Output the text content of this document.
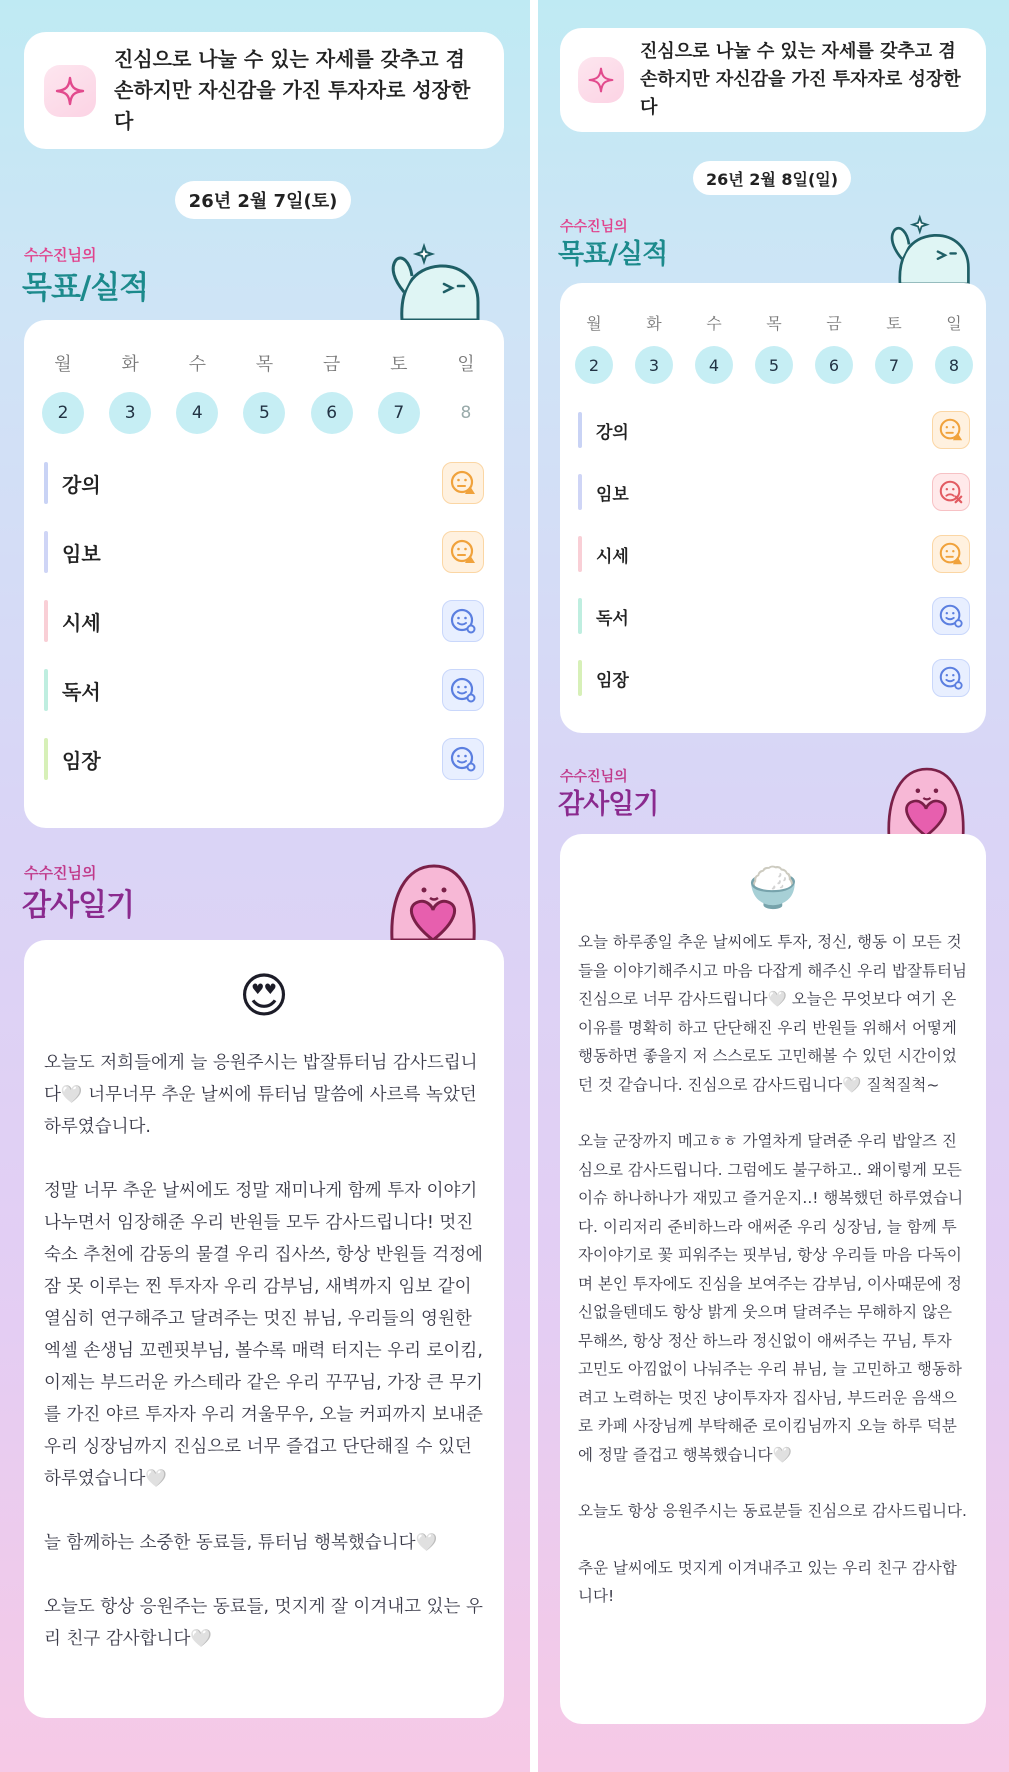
진심으로 나눌 수 있는 자세를 갖추고 겸손하지만 자신감을 가진 투자자로 성장한다
26년 2월 7일(토)
수수진님의
목표/실적
월
2
화
3
수
4
목
5
금
6
토
7
일
8
강의
임보
시세
독서
임장
수수진님의
감사일기
😍

오늘도 저희들에게 늘 응원주시는 밥잘튜터님 감사드립니다🤍 너무너무 추운 날씨에 튜터님 말씀에 사르륵 녹았던 하루였습니다.

정말 너무 추운 날씨에도 정말 재미나게 함께 투자 이야기 나누면서 임장해준 우리 반원들 모두 감사드립니다! 멋진 숙소 추천에 감동의 물결 우리 집사쓰, 항상 반원들 걱정에 잠 못 이루는 찐 투자자 우리 감부님, 새벽까지 임보 같이 열심히 연구해주고 달려주는 멋진 뷰님, 우리들의 영원한 엑셀 손생님 꼬렌핏부님, 볼수록 매력 터지는 우리 로이킴, 이제는 부드러운 카스테라 같은 우리 꾸꾸님, 가장 큰 무기를 가진 야르 투자자 우리 겨울무우, 오늘 커피까지 보내준 우리 싱장님까지 진심으로 너무 즐겁고 단단해질 수 있던 하루였습니다🤍

늘 함께하는 소중한 동료들, 튜터님 행복했습니다🤍

오늘도 항상 응원주는 동료들, 멋지게 잘 이겨내고 있는 우리 친구 감사합니다🤍

진심으로 나눌 수 있는 자세를 갖추고 겸손하지만 자신감을 가진 투자자로 성장한다
26년 2월 8일(일)
수수진님의
목표/실적
월
2
화
3
수
4
목
5
금
6
토
7
일
8
강의
임보
시세
독서
임장
수수진님의
감사일기
🍚

오늘 하루종일 추운 날씨에도 투자, 정신, 행동 이 모든 것들을 이야기해주시고 마음 다잡게 해주신 우리 밥잘튜터님 진심으로 너무 감사드립니다🤍 오늘은 무엇보다 여기 온 이유를 명확히 하고 단단해진 우리 반원들 위해서 어떻게 행동하면 좋을지 저 스스로도 고민해볼 수 있던 시간이었던 것 같습니다. 진심으로 감사드립니다🤍 질척질척~

오늘 군장까지 메고ㅎㅎ 가열차게 달려준 우리 밥알즈 진심으로 감사드립니다. 그럼에도 불구하고.. 왜이렇게 모든 이슈 하나하나가 재밌고 즐거운지..! 행복했던 하루였습니다. 이리저리 준비하느라 애써준 우리 싱장님, 늘 함께 투자이야기로 꽃 피워주는 핏부님, 항상 우리들 마음 다독이며 본인 투자에도 진심을 보여주는 감부님, 이사때문에 정신없을텐데도 항상 밝게 웃으며 달려주는 무해하지 않은 무해쓰, 항상 정산 하느라 정신없이 애써주는 꾸님, 투자 고민도 아낌없이 나눠주는 우리 뷰님, 늘 고민하고 행동하려고 노력하는 멋진 냥이투자자 집사님, 부드러운 음색으로 카페 사장님께 부탁해준 로이킴님까지 오늘 하루 덕분에 정말 즐겁고 행복했습니다🤍

오늘도 항상 응원주시는 동료분들 진심으로 감사드립니다.

추운 날씨에도 멋지게 이겨내주고 있는 우리 친구 감사합니다!
